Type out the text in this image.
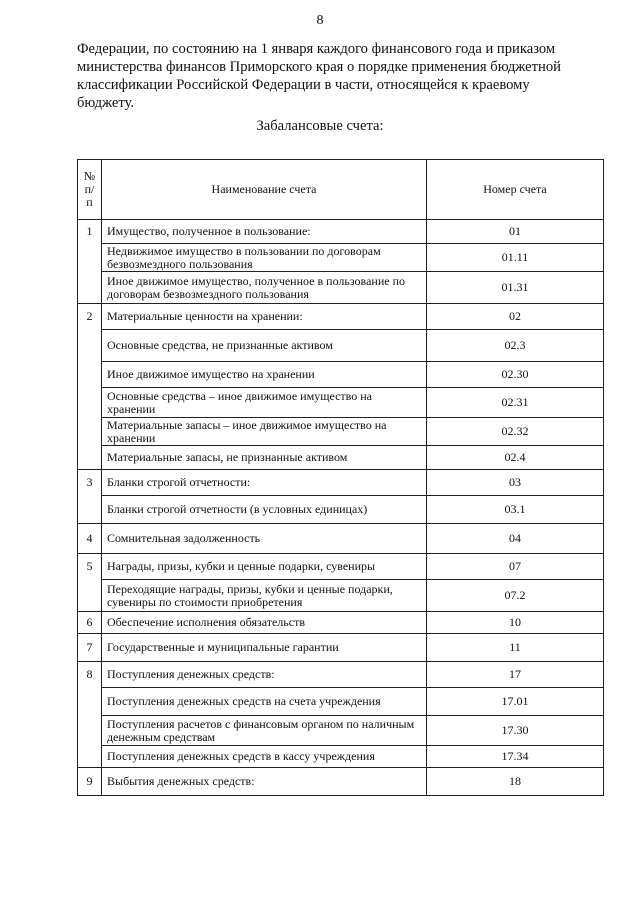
8
Федерации, по состоянию на 1 января каждого финансового года и приказом
министерства финансов Приморского края о порядке применения бюджетной
классификации Российской Федерации в части, относящейся к краевому
бюджету.
Забалансовые счета:
№
п/
п	Наименование счета	Номер счета
1	Имущество, полученное в пользование:	01
	Недвижимое имущество в пользовании по договорам безвозмездного пользования	01.11
	Иное движимое имущество, полученное в пользование по договорам безвозмездного пользования	01.31
2	Материальные ценности на хранении:	02
	Основные средства, не признанные активом	02.3
	Иное движимое имущество на хранении	02.30
	Основные средства – иное движимое имущество на хранении	02.31
	Материальные запасы – иное движимое имущество на хранении	02.32
	Материальные запасы, не признанные активом	02.4
3	Бланки строгой отчетности:	03
	Бланки строгой отчетности (в условных единицах)	03.1
4	Сомнительная задолженность	04
5	Награды, призы, кубки и ценные подарки, сувениры	07
	Переходящие награды, призы, кубки и ценные подарки, сувениры по стоимости приобретения	07.2
6	Обеспечение исполнения обязательств	10
7	Государственные и муниципальные гарантии	11
8	Поступления денежных средств:	17
	Поступления денежных средств на счета учреждения	17.01
	Поступления расчетов с финансовым органом по наличным денежным средствам	17.30
	Поступления денежных средств в кассу учреждения	17.34
9	Выбытия денежных средств:	18
